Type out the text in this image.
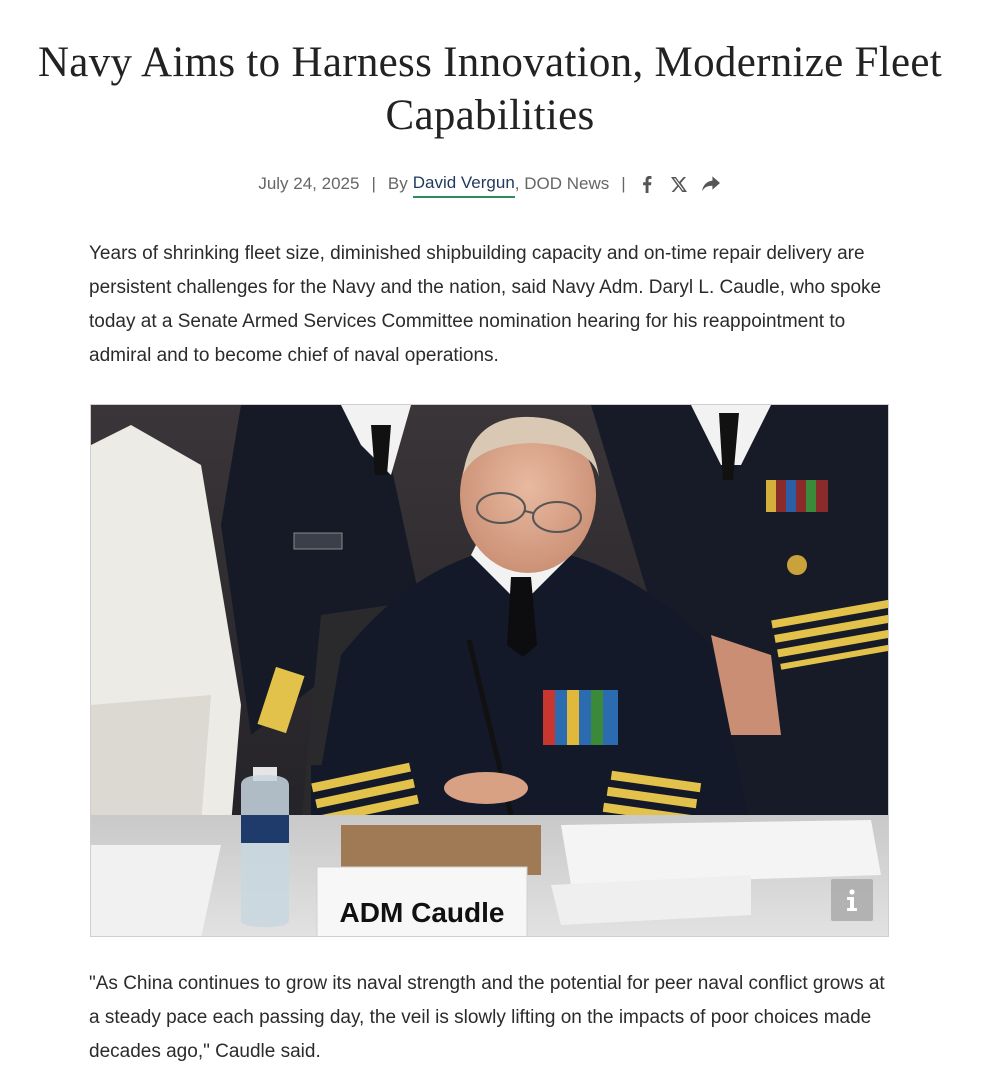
Navy Aims to Harness Innovation, Modernize Fleet Capabilities
July 24, 2025 | By David Vergun , DOD News |

Years of shrinking fleet size, diminished shipbuilding capacity and on-time repair delivery are persistent challenges for the Navy and the nation, said Navy Adm. Daryl L. Caudle, who spoke today at a Senate Armed Services Committee nomination hearing for his reappointment to admiral and to become chief of naval operations.

ADM Caudle

"As China continues to grow its naval strength and the potential for peer naval conflict grows at a steady pace each passing day, the veil is slowly lifting on the impacts of poor choices made decades ago," Caudle said.
